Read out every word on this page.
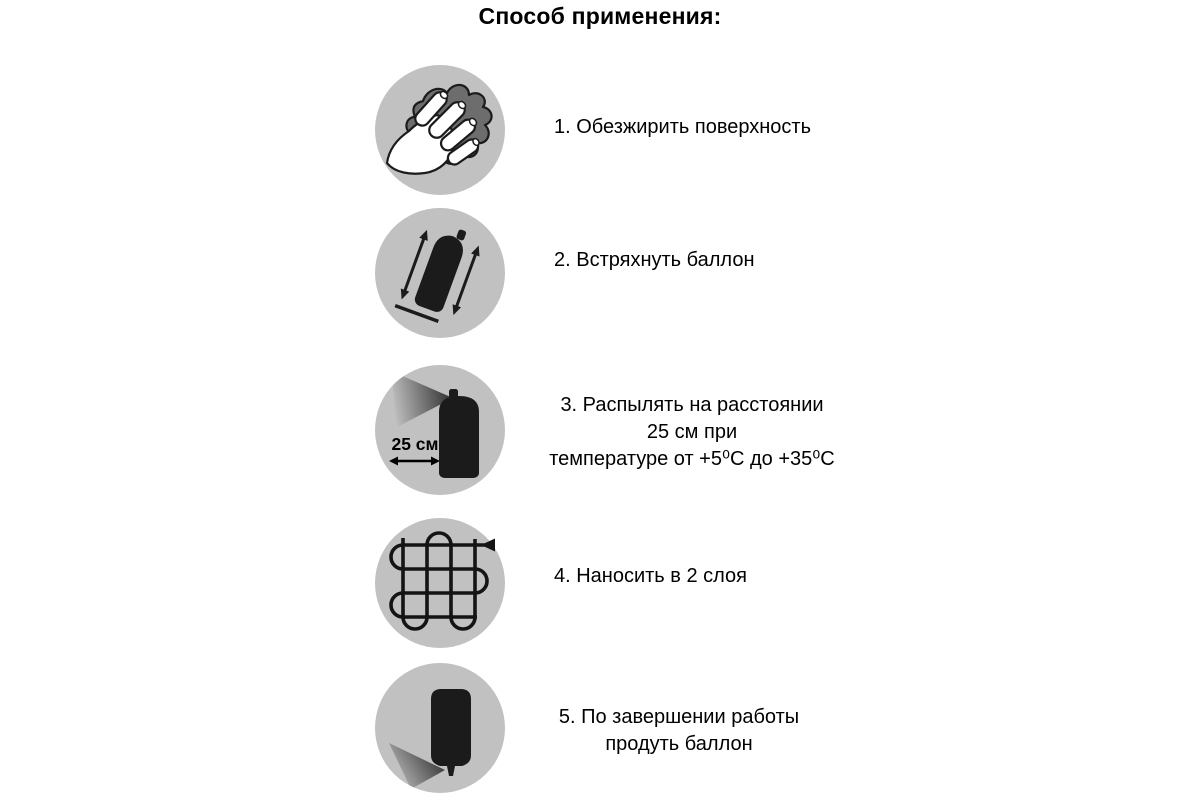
Способ применения:
1. Обезжирить поверхность
2. Встряхнуть баллон
25 см
3. Распылять на расстоянии
25 см при
температуре от +5⁰С до +35⁰С
4. Наносить в 2 слоя
5. По завершении работы
продуть баллон
